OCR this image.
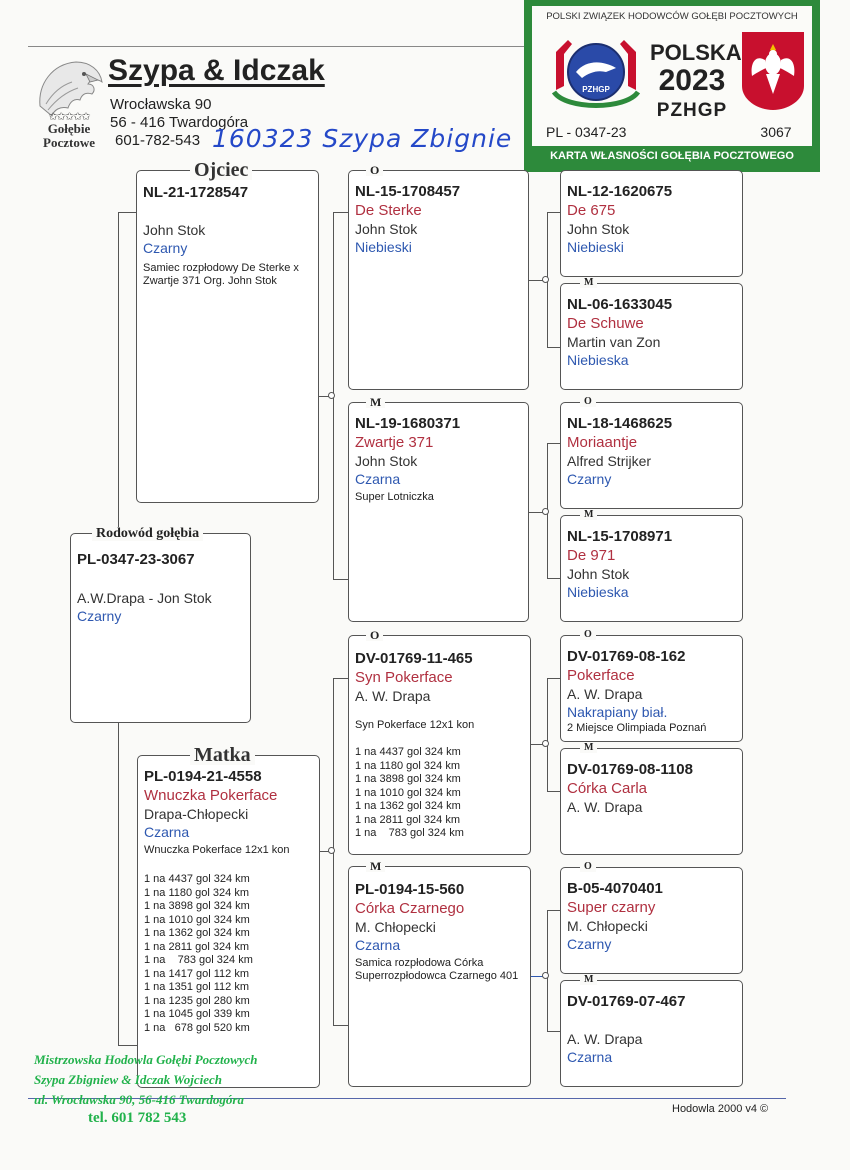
✩✩✩✩✩
Gołębie
Pocztowe
Szypa & Idczak
Wrocławska 90
56 - 416 Twardogóra
601-782-543 160323 Szypa Zbignie
POLSKI ZWIĄZEK HODOWCÓW GOŁĘBI POCZTOWYCH
PZHGP
POLSKA
2023
PZHGP
PL - 0347-23	3067
KARTA WŁASNOŚCI GOŁĘBIA POCZTOWEGO
NL-21-1728547
John Stok
Czarny
Samiec rozpłodowy De Sterke x Zwartje 371 Org. John Stok
Ojciec
PL-0347-23-3067
A.W.Drapa - Jon Stok
Czarny
Rodowód gołębia
PL-0194-21-4558
Wnuczka Pokerface
Drapa-Chłopecki
Czarna
Wnuczka Pokerface 12x1 kon
1 na 4437 gol 324 km
1 na 1180 gol 324 km
1 na 3898 gol 324 km
1 na 1010 gol 324 km
1 na 1362 gol 324 km
1 na 2811 gol 324 km
1 na    783 gol 324 km
1 na 1417 gol 112 km
1 na 1351 gol 112 km
1 na 1235 gol 280 km
1 na 1045 gol 339 km
1 na   678 gol 520 km
Matka
NL-15-1708457
De Sterke
John Stok
Niebieski
O
NL-19-1680371
Zwartje 371
John Stok
Czarna
Super Lotniczka
M
DV-01769-11-465
Syn Pokerface
A. W. Drapa
Syn Pokerface 12x1 kon
1 na 4437 gol 324 km
1 na 1180 gol 324 km
1 na 3898 gol 324 km
1 na 1010 gol 324 km
1 na 1362 gol 324 km
1 na 2811 gol 324 km
1 na    783 gol 324 km
O
PL-0194-15-560
Córka Czarnego
M. Chłopecki
Czarna
Samica rozpłodowa Córka Superrozpłodowca Czarnego 401
M
NL-12-1620675
De 675
John Stok
Niebieski
NL-06-1633045
De Schuwe
Martin van Zon
Niebieska
M
NL-18-1468625
Moriaantje
Alfred Strijker
Czarny
O
NL-15-1708971
De 971
John Stok
Niebieska
M
DV-01769-08-162
Pokerface
A. W. Drapa
Nakrapiany biał.
2 Miejsce Olimpiada Poznań
O
DV-01769-08-1108
Córka Carla
A. W. Drapa
M
B-05-4070401
Super czarny
M. Chłopecki
Czarny
O
DV-01769-07-467
A. W. Drapa
Czarna
M
Hodowla 2000 v4 ©
Mistrzowska Hodowla Gołębi Pocztowych
Szypa Zbigniew & Idczak Wojciech
ul. Wrocławska 90, 56-416 Twardogóra
tel. 601 782 543
